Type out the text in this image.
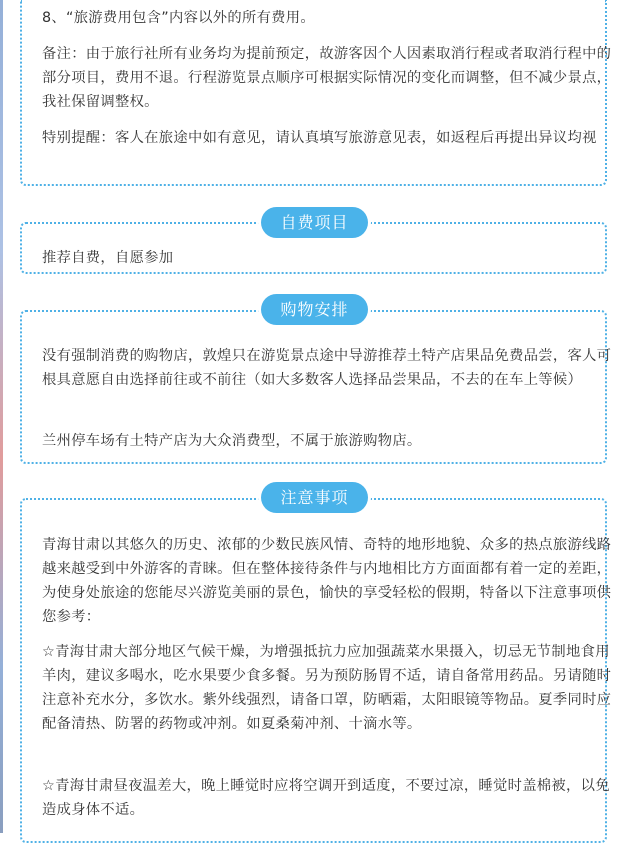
8、“旅游费用包含”内容以外的所有费用。

备注：由于旅行社所有业务均为提前预定，故游客因个人因素取消行程或者取消行程中的部分项目，费用不退。行程游览景点顺序可根据实际情况的变化而调整，但不减少景点，我社保留调整权。

特别提醒：客人在旅途中如有意见，请认真填写旅游意见表，如返程后再提出异议均视

推荐自费，自愿参加

自费项目

没有强制消费的购物店，敦煌只在游览景点途中导游推荐土特产店果品免费品尝，客人可根具意愿自由选择前往或不前往（如大多数客人选择品尝果品，不去的在车上等候）

兰州停车场有土特产店为大众消费型，不属于旅游购物店。

购物安排

青海甘肃以其悠久的历史、浓郁的少数民族风情、奇特的地形地貌、众多的热点旅游线路越来越受到中外游客的青睐。但在整体接待条件与内地相比方方面面都有着一定的差距，为使身处旅途的您能尽兴游览美丽的景色，愉快的享受轻松的假期，特备以下注意事项供您参考：

☆青海甘肃大部分地区气候干燥，为增强抵抗力应加强蔬菜水果摄入，切忌无节制地食用羊肉，建议多喝水，吃水果要少食多餐。另为预防肠胃不适，请自备常用药品。另请随时注意补充水分，多饮水。紫外线强烈，请备口罩，防晒霜，太阳眼镜等物品。夏季同时应配备清热、防署的药物或冲剂。如夏桑菊冲剂、十滴水等。

☆青海甘肃昼夜温差大，晚上睡觉时应将空调开到适度，不要过凉，睡觉时盖棉被，以免造成身体不适。

注意事项
